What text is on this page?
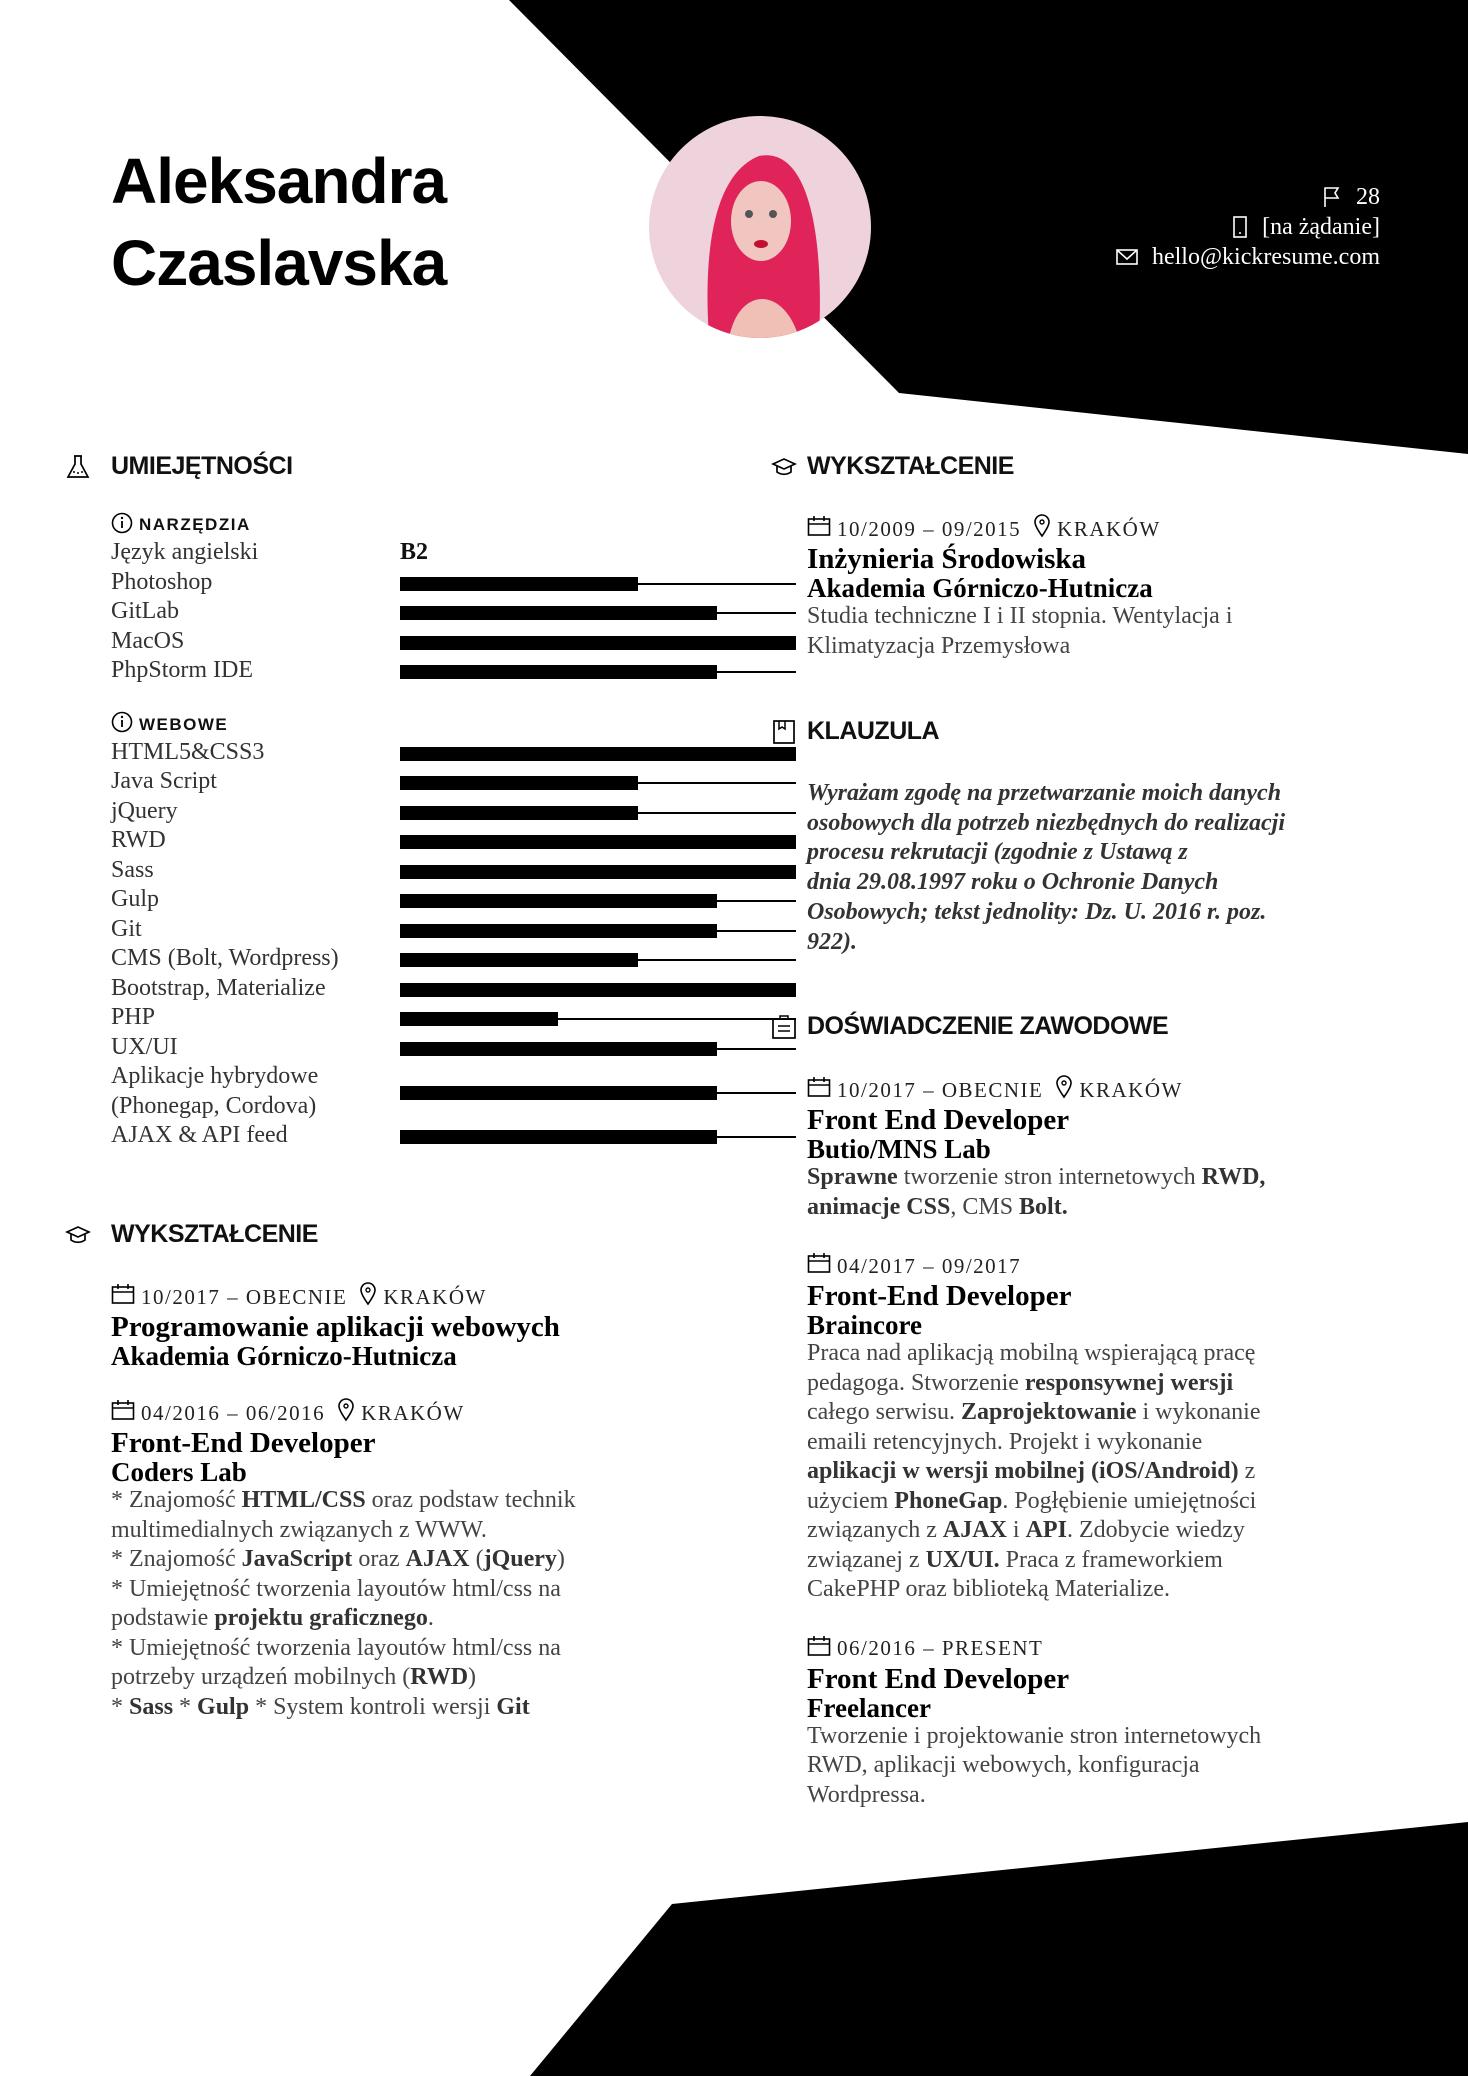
Aleksandra
Czaslavska
28
[na żądanie]
hello@kickresume.com
UMIEJĘTNOŚCI
NARZĘDZIA
Język angielski	B2
Photoshop
GitLab
MacOS
PhpStorm IDE
WEBOWE
HTML5&CSS3
Java Script
jQuery
RWD
Sass
Gulp
Git
CMS (Bolt, Wordpress)
Bootstrap, Materialize
PHP
UX/UI
Aplikacje hybrydowe
(Phonegap, Cordova)
AJAX & API feed
WYKSZTAŁCENIE
10/2017 – OBECNIE KRAKÓW
Programowanie aplikacji webowych
Akademia Górniczo-Hutnicza
04/2016 – 06/2016 KRAKÓW
Front-End Developer
Coders Lab
* Znajomość HTML/CSS oraz podstaw technik
multimedialnych związanych z WWW.
* Znajomość JavaScript oraz AJAX (jQuery)
* Umiejętność tworzenia layoutów html/css na
podstawie projektu graficznego.
* Umiejętność tworzenia layoutów html/css na
potrzeby urządzeń mobilnych (RWD)
* Sass * Gulp * System kontroli wersji Git
WYKSZTAŁCENIE
10/2009 – 09/2015 KRAKÓW
Inżynieria Środowiska
Akademia Górniczo-Hutnicza
Studia techniczne I i II stopnia. Wentylacja i
Klimatyzacja Przemysłowa
KLAUZULA
Wyrażam zgodę na przetwarzanie moich danych
osobowych dla potrzeb niezbędnych do realizacji
procesu rekrutacji (zgodnie z Ustawą z
dnia 29.08.1997 roku o Ochronie Danych
Osobowych; tekst jednolity: Dz. U. 2016 r. poz.
922).
DOŚWIADCZENIE ZAWODOWE
10/2017 – OBECNIE KRAKÓW
Front End Developer
Butio/MNS Lab
Sprawne tworzenie stron internetowych RWD,
animacje CSS, CMS Bolt.
04/2017 – 09/2017
Front-End Developer
Braincore
Praca nad aplikacją mobilną wspierającą pracę
pedagoga. Stworzenie responsywnej wersji
całego serwisu. Zaprojektowanie i wykonanie
emaili retencyjnych. Projekt i wykonanie
aplikacji w wersji mobilnej (iOS/Android) z
użyciem PhoneGap. Pogłębienie umiejętności
związanych z AJAX i API. Zdobycie wiedzy
związanej z UX/UI. Praca z frameworkiem
CakePHP oraz biblioteką Materialize.
06/2016 – PRESENT
Front End Developer
Freelancer
Tworzenie i projektowanie stron internetowych
RWD, aplikacji webowych, konfiguracja
Wordpressa.
